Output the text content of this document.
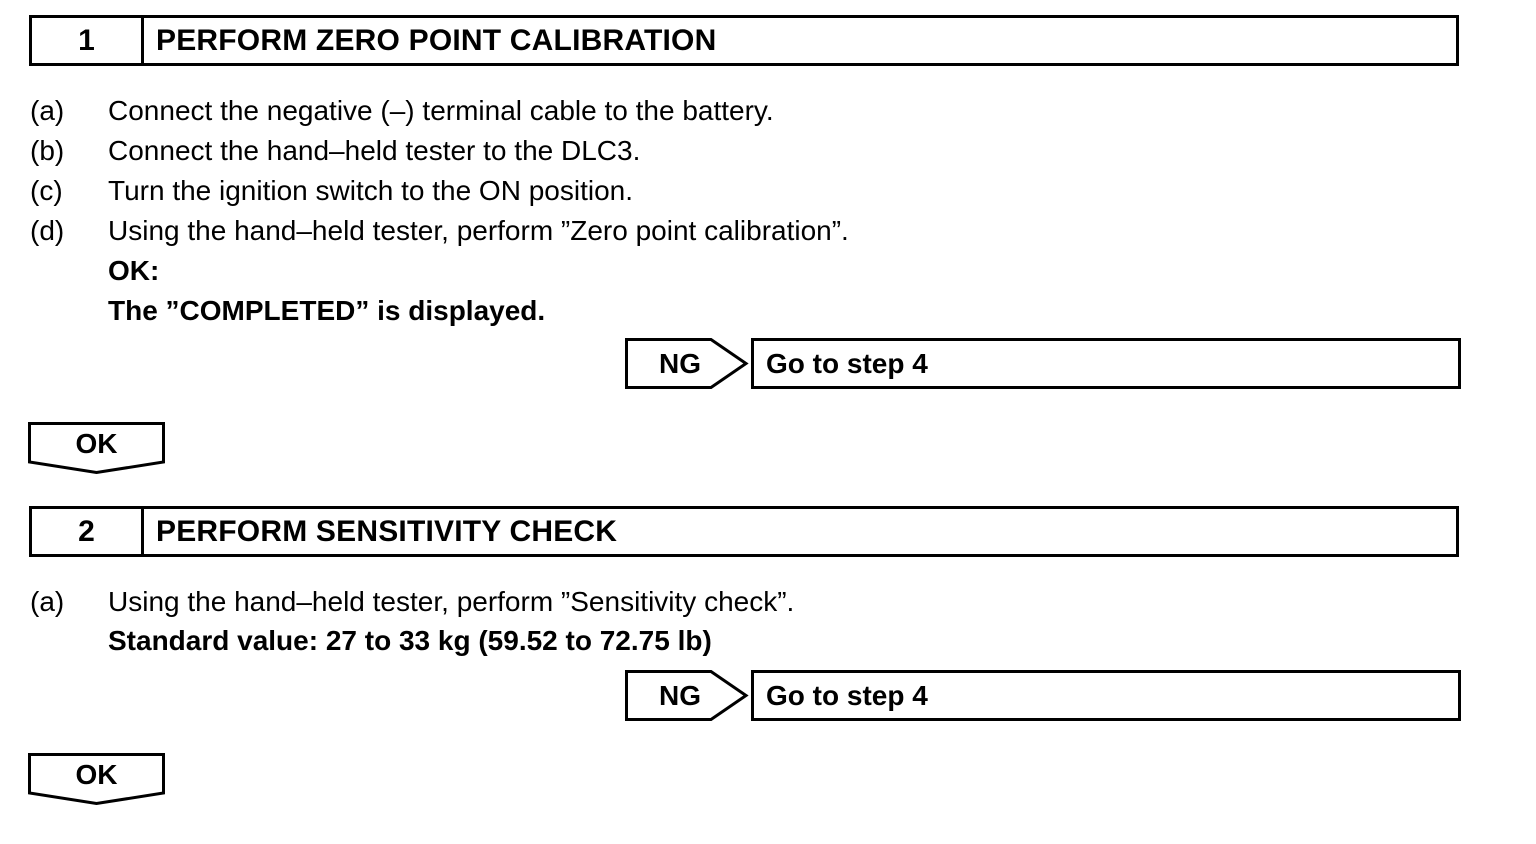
1	PERFORM ZERO POINT CALIBRATION
(a) Connect the negative (–) terminal cable to the battery.
(b) Connect the hand–held tester to the DLC3.
(c) Turn the ignition switch to the ON position.
(d) Using the hand–held tester, perform ”Zero point calibration”.
OK:
The ”COMPLETED” is displayed.
NG	Go to step 4
OK
2	PERFORM SENSITIVITY CHECK
(a) Using the hand–held tester, perform ”Sensitivity check”.
Standard value: 27 to 33 kg (59.52 to 72.75 lb)
NG	Go to step 4
OK
